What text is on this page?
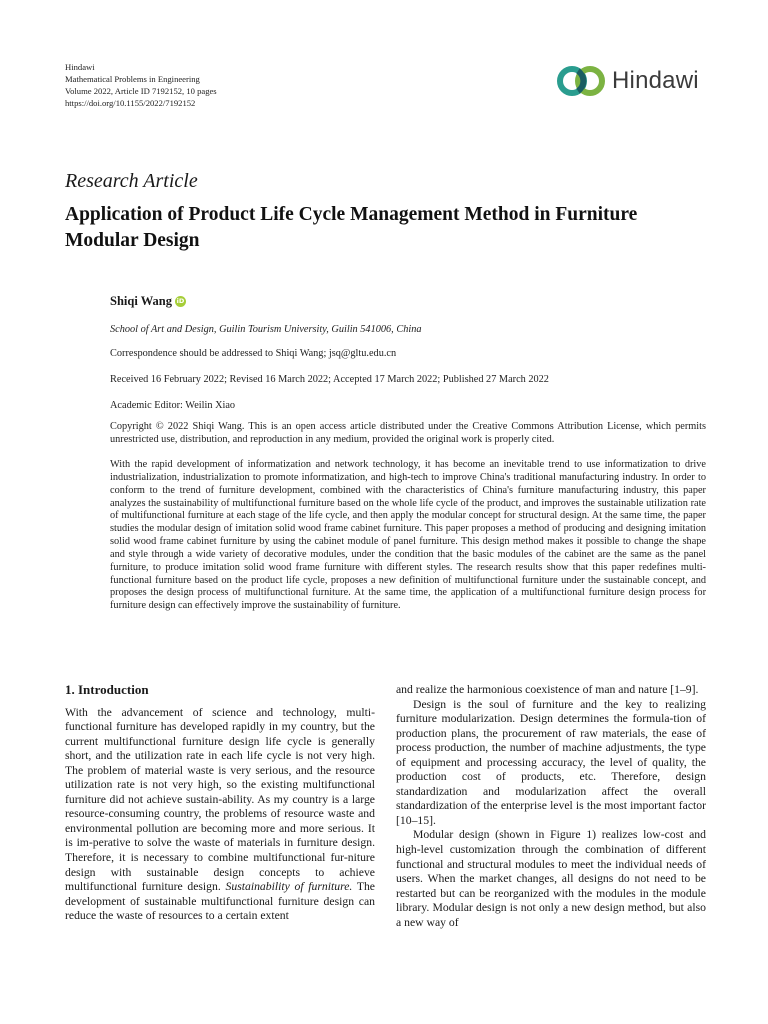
Hindawi
Mathematical Problems in Engineering
Volume 2022, Article ID 7192152, 10 pages
https://doi.org/10.1155/2022/7192152
Hindawi
Research Article
Application of Product Life Cycle Management Method in Furniture Modular Design
Shiqi Wang iD
School of Art and Design, Guilin Tourism University, Guilin 541006, China
Correspondence should be addressed to Shiqi Wang; jsq@gltu.edu.cn
Received 16 February 2022; Revised 16 March 2022; Accepted 17 March 2022; Published 27 March 2022
Academic Editor: Weilin Xiao
Copyright © 2022 Shiqi Wang. This is an open access article distributed under the Creative Commons Attribution License, which permits unrestricted use, distribution, and reproduction in any medium, provided the original work is properly cited.
With the rapid development of informatization and network technology, it has become an inevitable trend to use informatization to drive industrialization, industrialization to promote informatization, and high-tech to improve China's traditional manufacturing industry. In order to conform to the trend of furniture development, combined with the characteristics of China's furniture manufacturing industry, this paper analyzes the sustainability of multifunctional furniture based on the whole life cycle of the product, and improves the sustainable utilization rate of multifunctional furniture at each stage of the life cycle, and then apply the modular concept for structural design. At the same time, the paper studies the modular design of imitation solid wood frame cabinet furniture. This paper proposes a method of producing and designing imitation solid wood frame cabinet furniture by using the cabinet module of panel furniture. This design method makes it possible to change the shape and style through a wide variety of decorative modules, under the condition that the basic modules of the cabinet are the same as the panel furniture, to produce imitation solid wood frame furniture with different styles. The research results show that this paper redefines multi-functional furniture based on the product life cycle, proposes a new definition of multifunctional furniture under the sustainable concept, and proposes the design process of multifunctional furniture. At the same time, the application of a multifunctional furniture design process for furniture design can effectively improve the sustainability of furniture.
1. Introduction

With the advancement of science and technology, multi-functional furniture has developed rapidly in my country, but the current multifunctional furniture design life cycle is generally short, and the utilization rate in each life cycle is not very high. The problem of material waste is very serious, and the resource utilization rate is not very high, so the existing multifunctional furniture did not achieve sustain-ability. As my country is a large resource-consuming country, the problems of resource waste and environmental pollution are becoming more and more serious. It is im-perative to solve the waste of materials in furniture design. Therefore, it is necessary to combine multifunctional fur-niture design with sustainable design concepts to achieve multifunctional furniture design. Sustainability of furniture. The development of sustainable multifunctional furniture design can reduce the waste of resources to a certain extent

and realize the harmonious coexistence of man and nature [1–9].

Design is the soul of furniture and the key to realizing furniture modularization. Design determines the formula-tion of production plans, the procurement of raw materials, the ease of process production, the number of machine adjustments, the type of equipment and processing accuracy, the level of quality, the production cost of products, etc. Therefore, design standardization and modularization affect the overall standardization of the enterprise level is the most important factor [10–15].

Modular design (shown in Figure 1) realizes low-cost and high-level customization through the combination of different functional and structural modules to meet the individual needs of users. When the market changes, all designs do not need to be restarted but can be reorganized with the modules in the module library. Modular design is not only a new design method, but also a new way of
